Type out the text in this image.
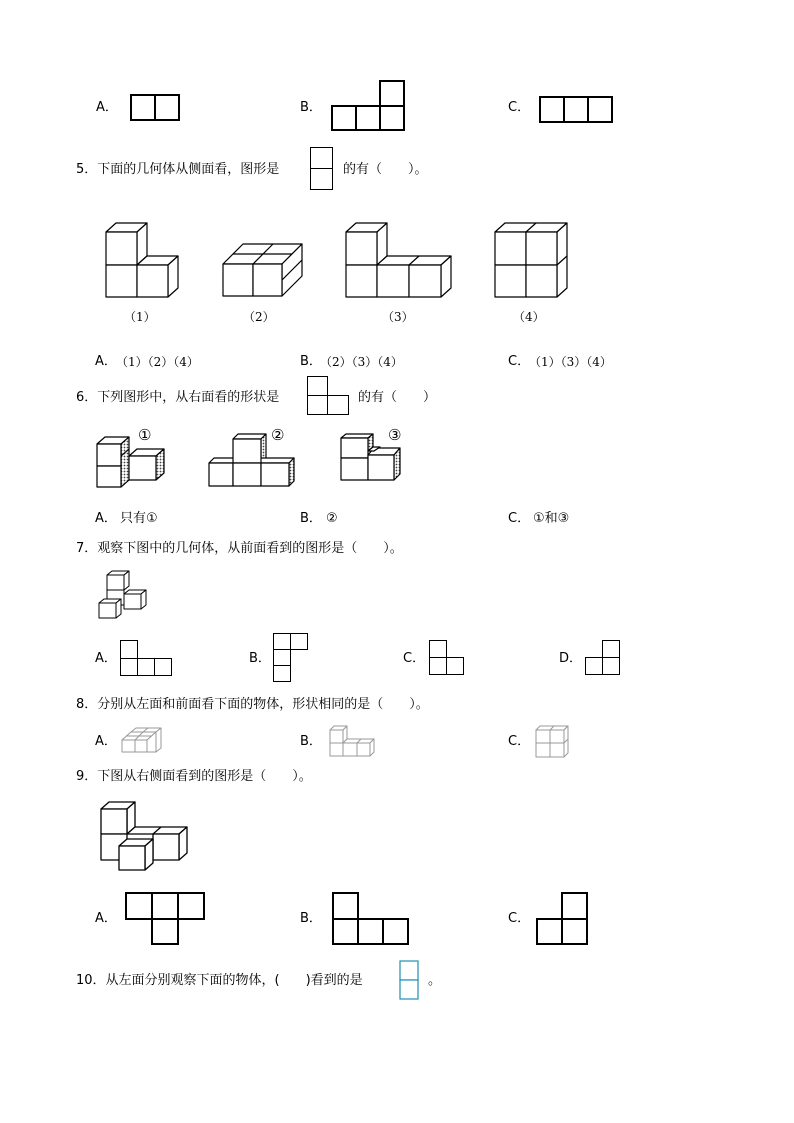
A．	B．	C．
5．下面的几何体从侧面看，图形是	的有（　　）。
（1）	（2）	（3）	（4）
A． （1）（2）（4）	B．
（2）（3）（4）	C．
（1）（3）（4）
6．下列图形中，从右面看的形状是	的有（　　）
①	②	③
A． 只有①	B． ②	C． ①和③
7．观察下图中的几何体，从前面看到的图形是（　　）。
A．	B．	C．	D．
8．分别从左面和前面看下面的物体，形状相同的是（　　）。
A．	B．	C．
9．下图从右侧面看到的图形是（　　）。
A．	B．	C．
10．从左面分别观察下面的物体，(　　)看到的是	。
